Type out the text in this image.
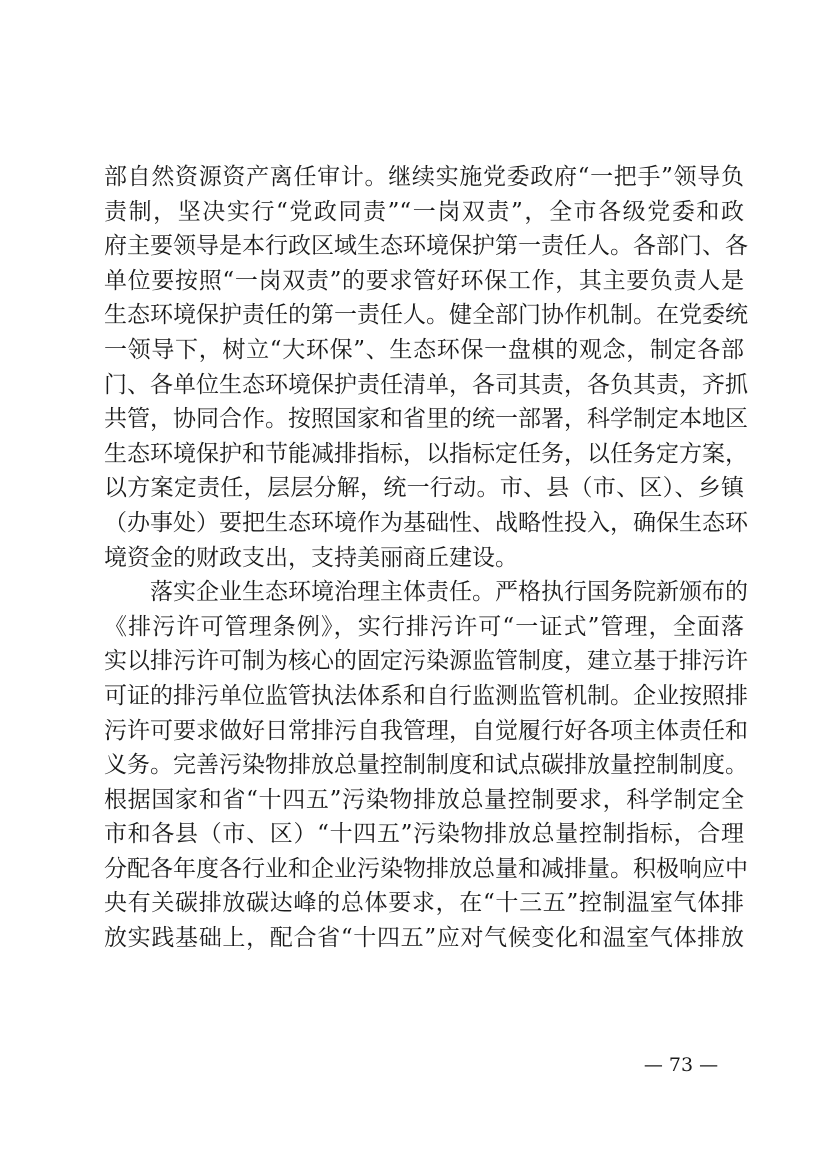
部自然资源资产离任审计。继续实施党委政府“一把手”领导负
责制，坚决实行“党政同责”“一岗双责”，全市各级党委和政
府主要领导是本行政区域生态环境保护第一责任人。各部门、各
单位要按照“一岗双责”的要求管好环保工作，其主要负责人是
生态环境保护责任的第一责任人。健全部门协作机制。在党委统
一领导下，树立“大环保”、生态环保一盘棋的观念，制定各部
门、各单位生态环境保护责任清单，各司其责，各负其责，齐抓
共管，协同合作。按照国家和省里的统一部署，科学制定本地区
生态环境保护和节能减排指标，以指标定任务，以任务定方案，
以方案定责任，层层分解，统一行动。市、县（市、区）、乡镇
（办事处）要把生态环境作为基础性、战略性投入，确保生态环
境资金的财政支出，支持美丽商丘建设。
　　落实企业生态环境治理主体责任。严格执行国务院新颁布的
《排污许可管理条例》，实行排污许可“一证式”管理，全面落
实以排污许可制为核心的固定污染源监管制度，建立基于排污许
可证的排污单位监管执法体系和自行监测监管机制。企业按照排
污许可要求做好日常排污自我管理，自觉履行好各项主体责任和
义务。完善污染物排放总量控制制度和试点碳排放量控制制度。
根据国家和省“十四五”污染物排放总量控制要求，科学制定全
市和各县（市、区）“十四五”污染物排放总量控制指标，合理
分配各年度各行业和企业污染物排放总量和减排量。积极响应中
央有关碳排放碳达峰的总体要求，在“十三五”控制温室气体排
放实践基础上，配合省“十四五”应对气候变化和温室气体排放
— 73 —
